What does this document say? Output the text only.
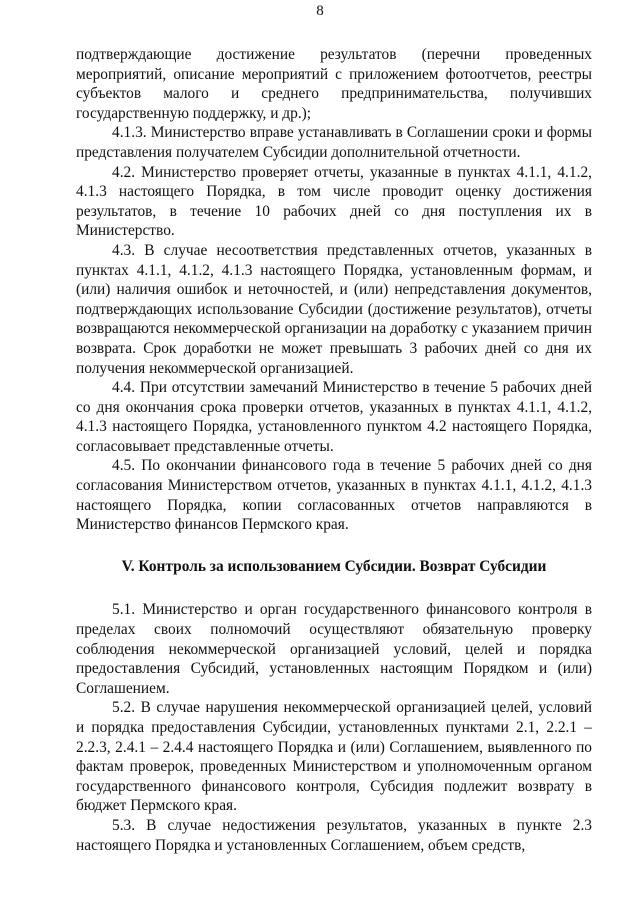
8

подтверждающие достижение результатов (перечни проведенных мероприятий, описание мероприятий с приложением фотоотчетов, реестры субъектов малого и среднего предпринимательства, получивших государственную поддержку, и др.);

4.1.3. Министерство вправе устанавливать в Соглашении сроки и формы представления получателем Субсидии дополнительной отчетности.

4.2. Министерство проверяет отчеты, указанные в пунктах 4.1.1, 4.1.2, 4.1.3 настоящего Порядка, в том числе проводит оценку достижения результатов, в течение 10 рабочих дней со дня поступления их в Министерство.

4.3. В случае несоответствия представленных отчетов, указанных в пунктах 4.1.1, 4.1.2, 4.1.3 настоящего Порядка, установленным формам, и (или) наличия ошибок и неточностей, и (или) непредставления документов, подтверждающих использование Субсидии (достижение результатов), отчеты возвращаются некоммерческой организации на доработку с указанием причин возврата. Срок доработки не может превышать 3 рабочих дней со дня их получения некоммерческой организацией.

4.4. При отсутствии замечаний Министерство в течение 5 рабочих дней со дня окончания срока проверки отчетов, указанных в пунктах 4.1.1, 4.1.2, 4.1.3 настоящего Порядка, установленного пунктом 4.2 настоящего Порядка, согласовывает представленные отчеты.

4.5. По окончании финансового года в течение 5 рабочих дней со дня согласования Министерством отчетов, указанных в пунктах 4.1.1, 4.1.2, 4.1.3 настоящего Порядка, копии согласованных отчетов направляются в Министерство финансов Пермского края.

V. Контроль за использованием Субсидии. Возврат Субсидии

5.1. Министерство и орган государственного финансового контроля в пределах своих полномочий осуществляют обязательную проверку соблюдения некоммерческой организацией условий, целей и порядка предоставления Субсидий, установленных настоящим Порядком и (или) Соглашением.

5.2. В случае нарушения некоммерческой организацией целей, условий и порядка предоставления Субсидии, установленных пунктами 2.1, 2.2.1 – 2.2.3, 2.4.1 – 2.4.4 настоящего Порядка и (или) Соглашением, выявленного по фактам проверок, проведенных Министерством и уполномоченным органом государственного финансового контроля, Субсидия подлежит возврату в бюджет Пермского края.

5.3. В случае недостижения результатов, указанных в пункте 2.3 настоящего Порядка и установленных Соглашением, объем средств,
